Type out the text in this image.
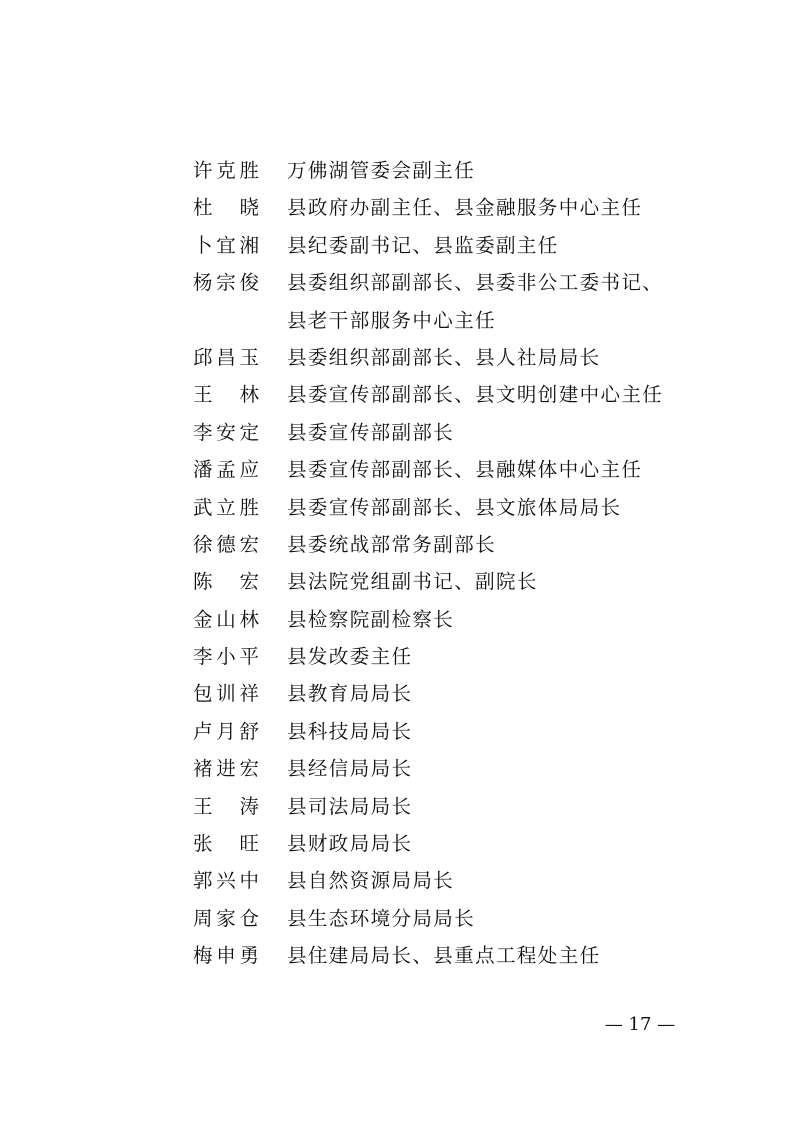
许克胜 万佛湖管委会副主任
杜　晓 县政府办副主任、县金融服务中心主任
卜宜湘 县纪委副书记、县监委副主任
杨宗俊 县委组织部副部长、县委非公工委书记、
县老干部服务中心主任
邱昌玉 县委组织部副部长、县人社局局长
王　林 县委宣传部副部长、县文明创建中心主任
李安定 县委宣传部副部长
潘孟应 县委宣传部副部长、县融媒体中心主任
武立胜 县委宣传部副部长、县文旅体局局长
徐德宏 县委统战部常务副部长
陈　宏 县法院党组副书记、副院长
金山林 县检察院副检察长
李小平 县发改委主任
包训祥 县教育局局长
卢月舒 县科技局局长
褚进宏 县经信局局长
王　涛 县司法局局长
张　旺 县财政局局长
郭兴中 县自然资源局局长
周家仓 县生态环境分局局长
梅申勇 县住建局局长、县重点工程处主任
— 17 —
